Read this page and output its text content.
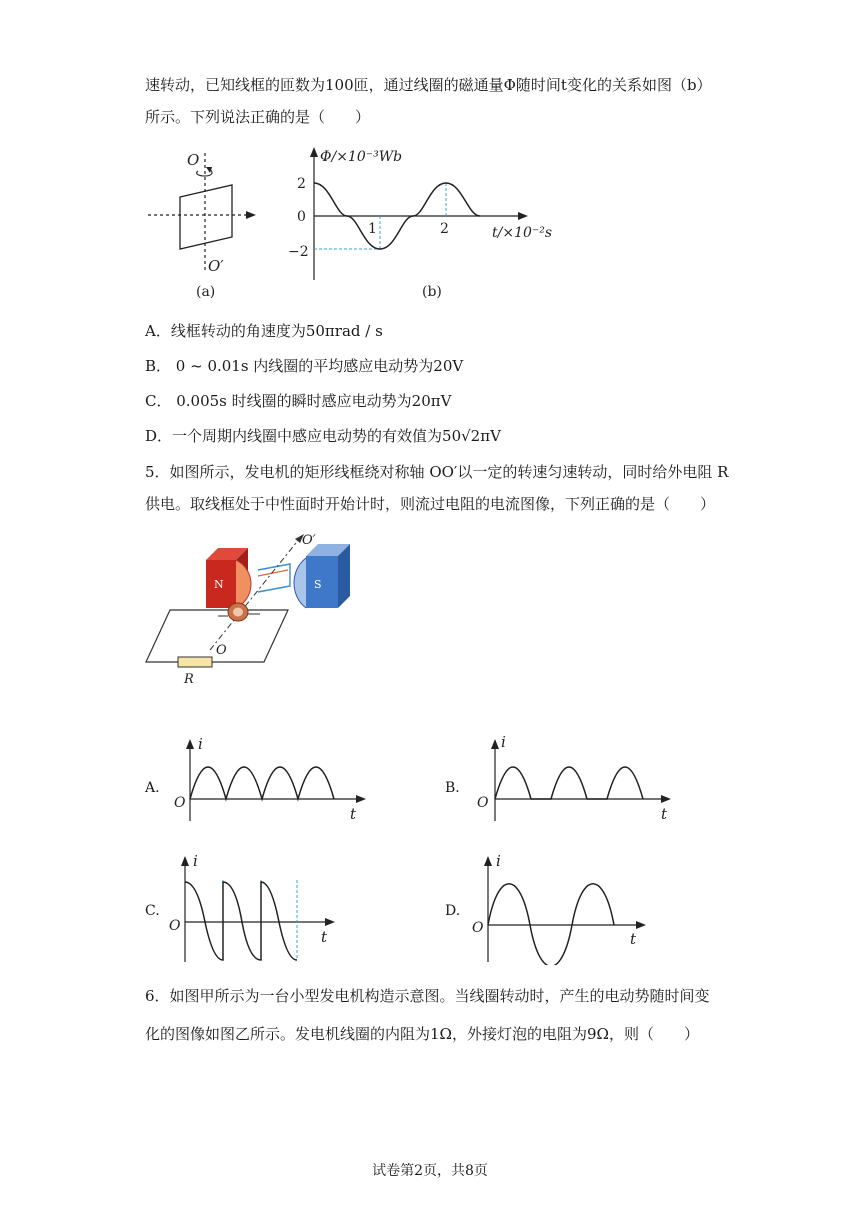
速转动，已知线框的匝数为100匝，通过线圈的磁通量Φ随时间t变化的关系如图（b）
所示。下列说法正确的是（　　）
O
O′
(a)
Φ/×10⁻³Wb
2
0
−2
1	2	t/×10⁻²s
(b)
A．线框转动的角速度为50πrad / s
B． 0 ~ 0.01s 内线圈的平均感应电动势为20V
C． 0.005s 时线圈的瞬时感应电动势为20πV
D．一个周期内线圈中感应电动势的有效值为50√2πV
5．如图所示，发电机的矩形线框绕对称轴 OO′以一定的转速匀速转动，同时给外电阻 R
供电。取线框处于中性面时开始计时，则流过电阻的电流图像，下列正确的是（　　）
R
N	S
O
O′
A.
i
O
t
B.
i
O
t
C.
i
O
t
D.
i
O
t
6．如图甲所示为一台小型发电机构造示意图。当线圈转动时，产生的电动势随时间变
化的图像如图乙所示。发电机线圈的内阻为1Ω，外接灯泡的电阻为9Ω，则（　　）
试卷第2页，共8页
